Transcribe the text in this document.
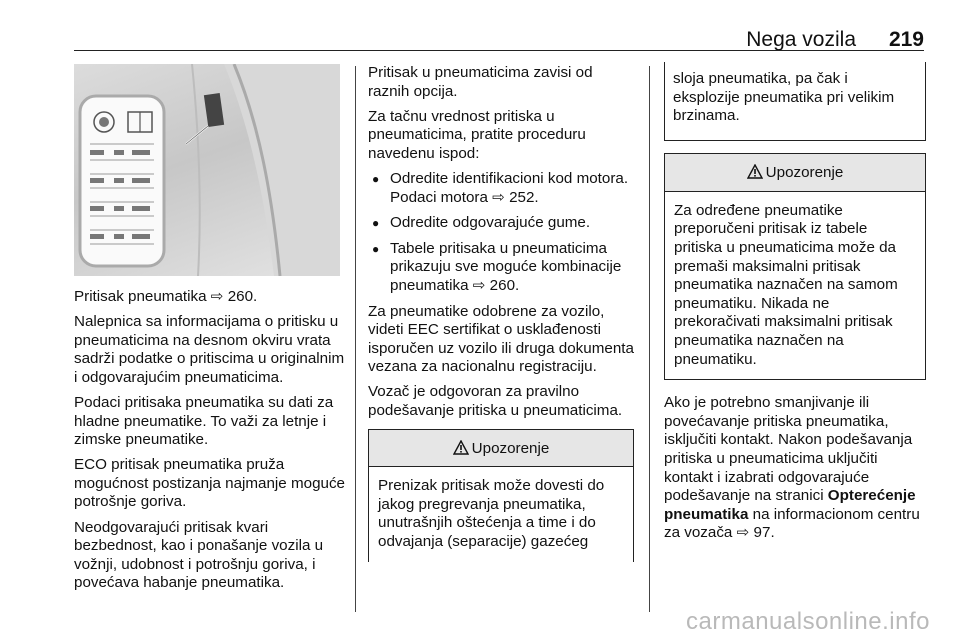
Nega vozila 219

Pritisak pneumatika ⇨ 260.

Nalepnica sa informacijama o pritisku u pneumaticima na desnom okviru vrata sadrži podatke o pritiscima u originalnim i odgovarajućim pneumaticima.

Podaci pritisaka pneumatika su dati za hladne pneumatike. To važi za letnje i zimske pneumatike.

ECO pritisak pneumatika pruža mogućnost postizanja najmanje moguće potrošnje goriva.

Neodgovarajući pritisak kvari bezbednost, kao i ponašanje vozila u vožnji, udobnost i potrošnju goriva, i povećava habanje pneumatika.

Pritisak u pneumaticima zavisi od raznih opcija.

Za tačnu vrednost pritiska u pneumaticima, pratite proceduru navedenu ispod:

● Odredite identifikacioni kod motora. Podaci motora ⇨ 252.
● Odredite odgovarajuće gume.
● Tabele pritisaka u pneumaticima prikazuju sve moguće kombinacije pneumatika ⇨ 260.

Za pneumatike odobrene za vozilo, videti EEC sertifikat o usklađenosti isporučen uz vozilo ili druga dokumenta vezana za nacionalnu registraciju.

Vozač je odgovoran za pravilno podešavanje pritiska u pneumaticima.

Upozorenje

Prenizak pritisak može dovesti do jakog pregrevanja pneumatika, unutrašnjih oštećenja a time i do odvajanja (separacije) gazećeg

sloja pneumatika, pa čak i eksplozije pneumatika pri velikim brzinama.

Upozorenje

Za određene pneumatike preporučeni pritisak iz tabele pritiska u pneumaticima može da premaši maksimalni pritisak pneumatika naznačen na samom pneumatiku. Nikada ne prekoračivati maksimalni pritisak pneumatika naznačen na pneumatiku.

Ako je potrebno smanjivanje ili povećavanje pritiska pneumatika, isključiti kontakt. Nakon podešavanja pritiska u pneumaticima uključiti kontakt i izabrati odgovarajuće podešavanje na stranici Opterećenje pneumatika na informacionom centru za vozača ⇨ 97.

carmanualsonline.info
